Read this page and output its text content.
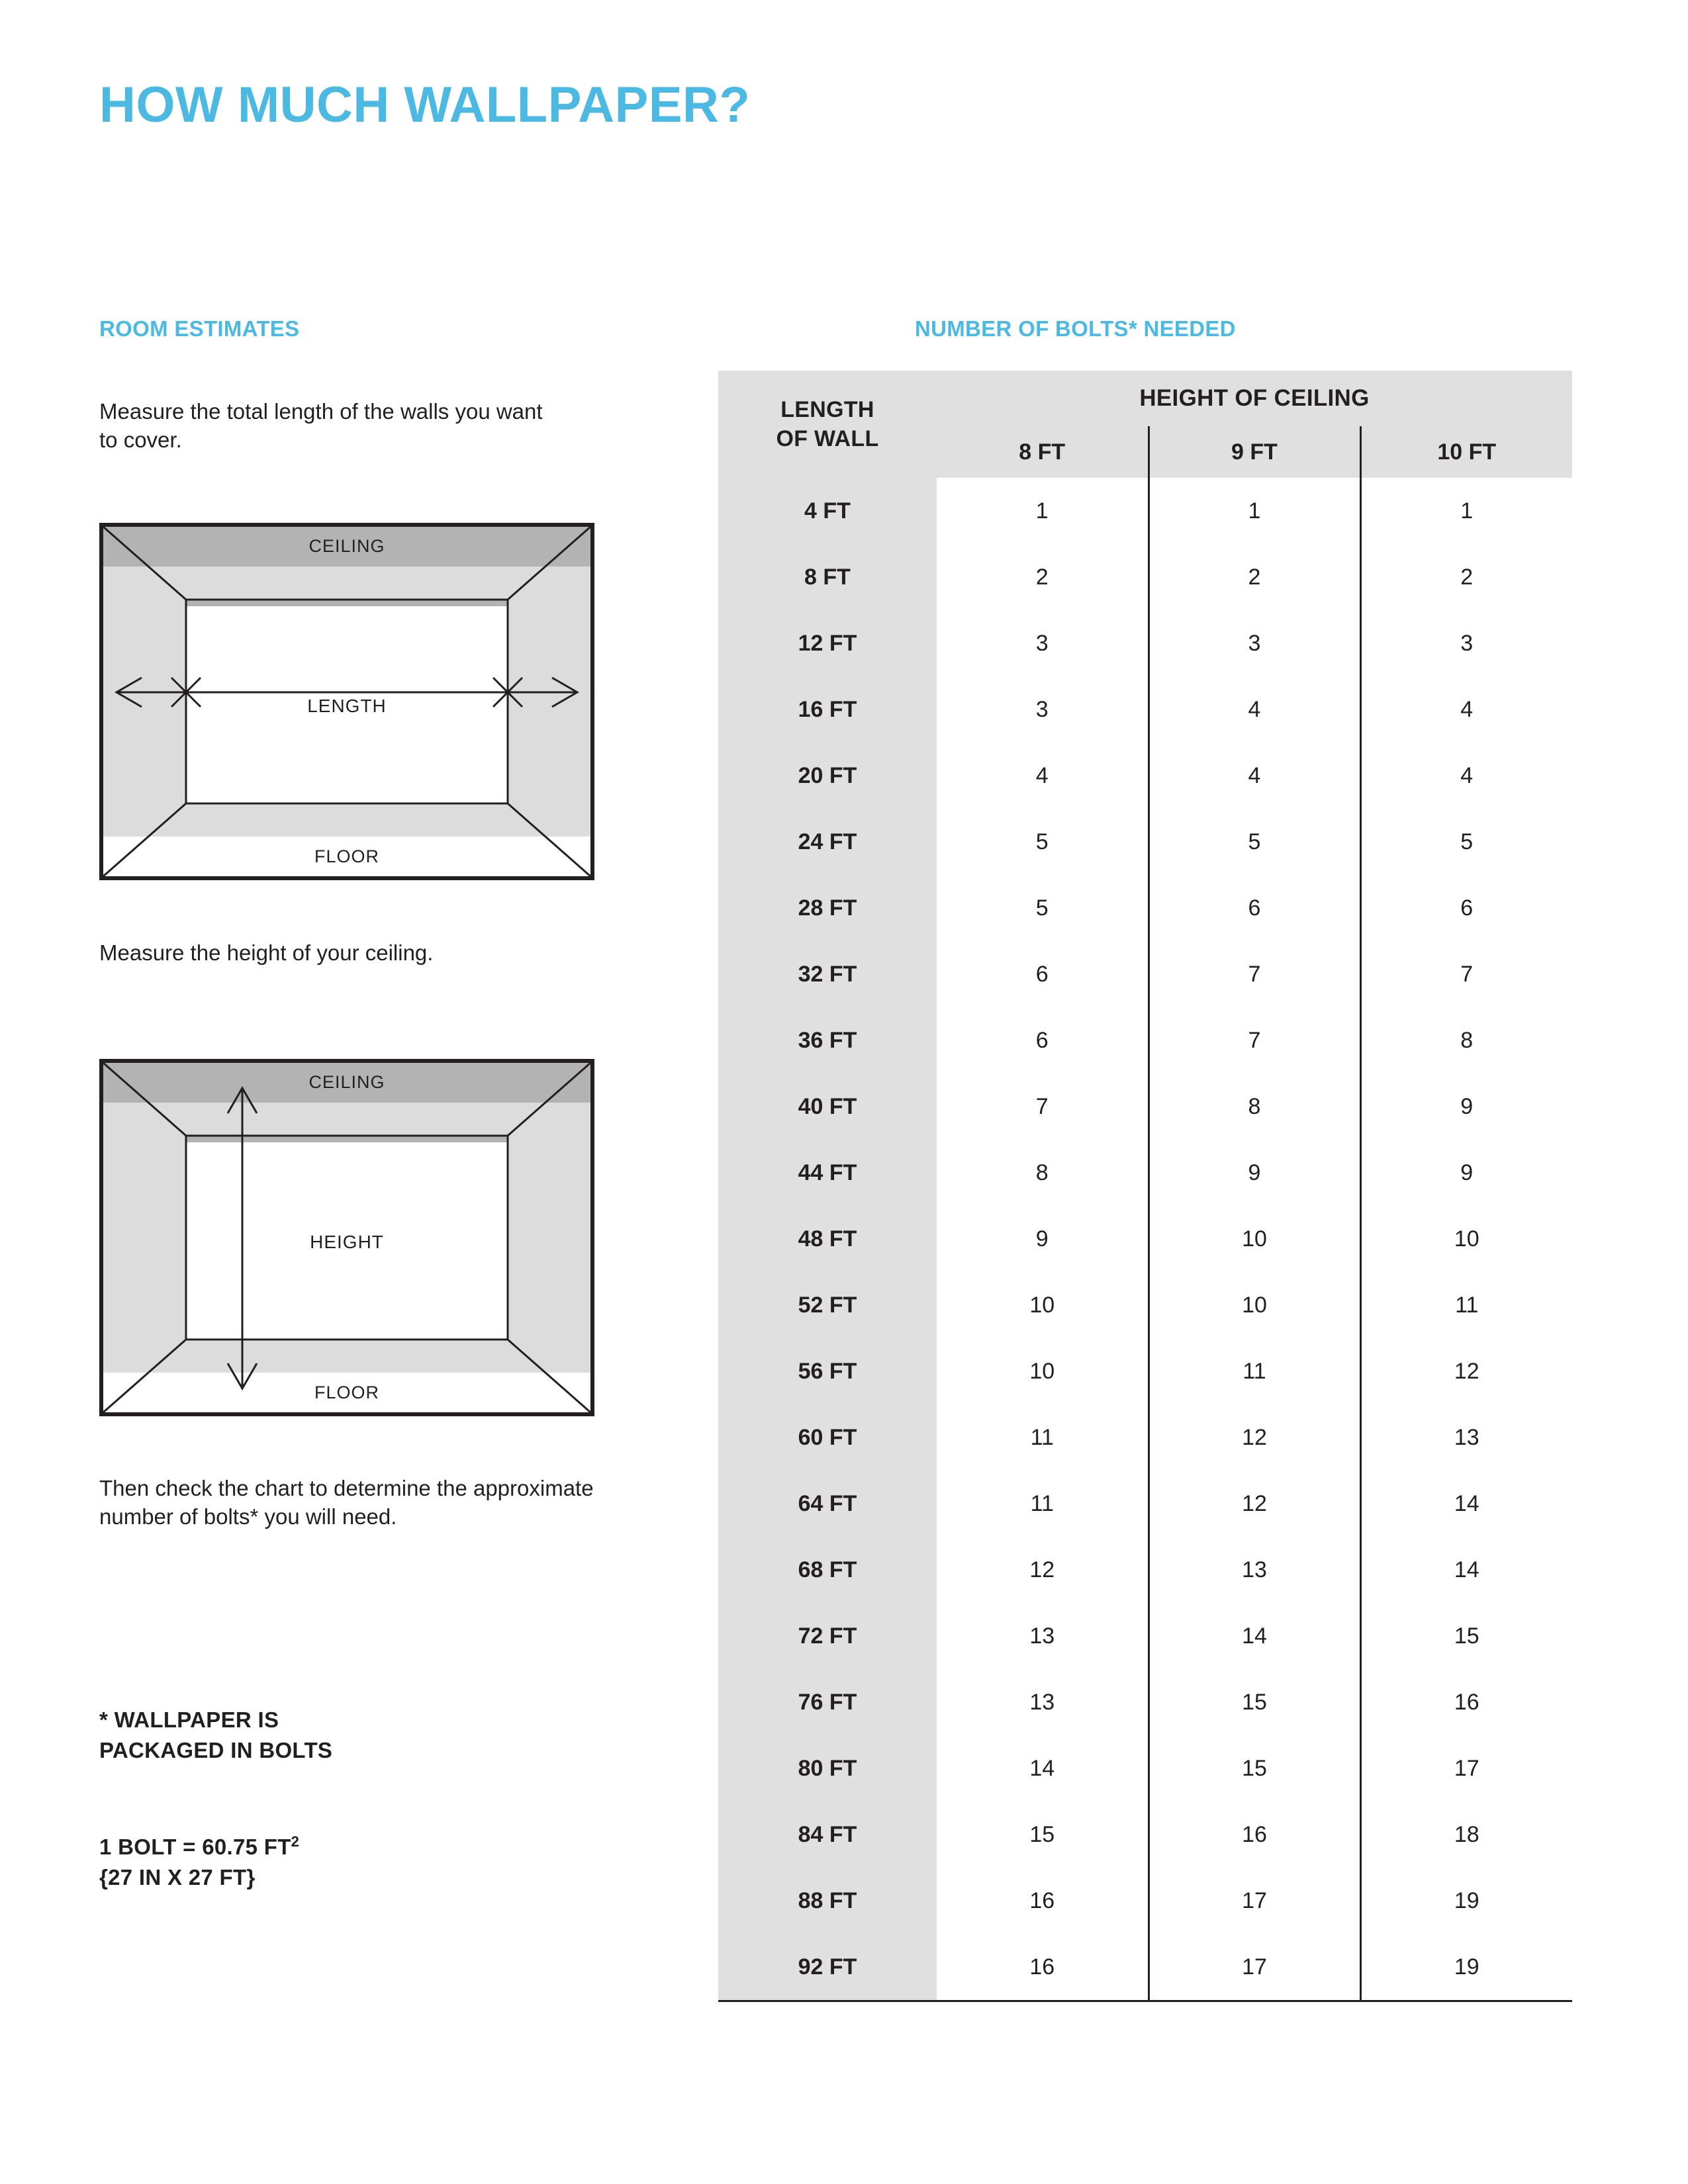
HOW MUCH WALLPAPER?
ROOM ESTIMATES	NUMBER OF BOLTS* NEEDED
Measure the total length of the walls you want to cover.
CEILING
FLOOR
LENGTH
Measure the height of your ceiling.
CEILING
FLOOR
HEIGHT
Then check the chart to determine the approximate number of bolts* you will need.
* WALLPAPER IS
PACKAGED IN BOLTS
1 BOLT = 60.75 $FT^2$
{27 IN X 27 FT}
LENGTH
OF WALL	HEIGHT OF CEILING		
	8 FT	9 FT	10 FT
4 FT	1	1	1
8 FT	2	2	2
12 FT	3	3	3
16 FT	3	4	4
20 FT	4	4	4
24 FT	5	5	5
28 FT	5	6	6
32 FT	6	7	7
36 FT	6	7	8
40 FT	7	8	9
44 FT	8	9	9
48 FT	9	10	10
52 FT	10	10	11
56 FT	10	11	12
60 FT	11	12	13
64 FT	11	12	14
68 FT	12	13	14
72 FT	13	14	15
76 FT	13	15	16
80 FT	14	15	17
84 FT	15	16	18
88 FT	16	17	19
92 FT	16	17	19
